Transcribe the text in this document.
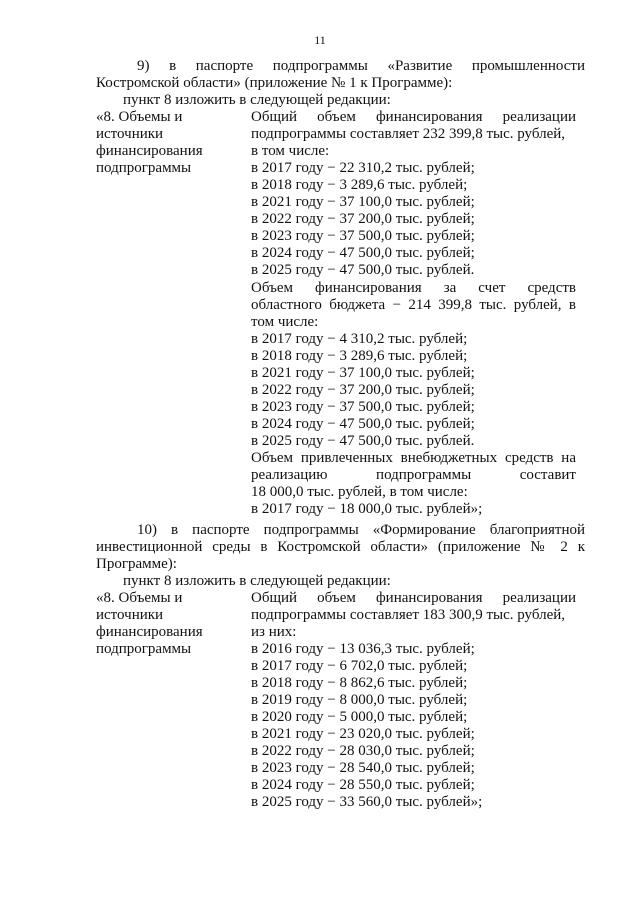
11
9) в паспорте подпрограммы «Развитие промышленности
Костромской области» (приложение № 1 к Программе):
пункт 8 изложить в следующей редакции:
«8. Объемы и
источники
финансирования
подпрограммы
Общий объем финансирования реализации
подпрограммы составляет 232 399,8 тыс. рублей,
в том числе:
в 2017 году − 22 310,2 тыс. рублей;
в 2018 году − 3 289,6 тыс. рублей;
в 2021 году − 37 100,0 тыс. рублей;
в 2022 году − 37 200,0 тыс. рублей;
в 2023 году − 37 500,0 тыс. рублей;
в 2024 году − 47 500,0 тыс. рублей;
в 2025 году − 47 500,0 тыс. рублей.
Объем финансирования за счет средств
областного бюджета − 214 399,8 тыс. рублей, в
том числе:
в 2017 году − 4 310,2 тыс. рублей;
в 2018 году − 3 289,6 тыс. рублей;
в 2021 году − 37 100,0 тыс. рублей;
в 2022 году − 37 200,0 тыс. рублей;
в 2023 году − 37 500,0 тыс. рублей;
в 2024 году − 47 500,0 тыс. рублей;
в 2025 году − 47 500,0 тыс. рублей.
Объем привлеченных внебюджетных средств на
реализацию подпрограммы составит
18 000,0 тыс. рублей, в том числе:
в 2017 году − 18 000,0 тыс. рублей»;
10) в паспорте подпрограммы «Формирование благоприятной
инвестиционной среды в Костромской области» (приложение № 2 к
Программе):
пункт 8 изложить в следующей редакции:
«8. Объемы и
источники
финансирования
подпрограммы
Общий объем финансирования реализации
подпрограммы составляет 183 300,9 тыс. рублей,
из них:
в 2016 году − 13 036,3 тыс. рублей;
в 2017 году − 6 702,0 тыс. рублей;
в 2018 году − 8 862,6 тыс. рублей;
в 2019 году − 8 000,0 тыс. рублей;
в 2020 году − 5 000,0 тыс. рублей;
в 2021 году − 23 020,0 тыс. рублей;
в 2022 году − 28 030,0 тыс. рублей;
в 2023 году − 28 540,0 тыс. рублей;
в 2024 году − 28 550,0 тыс. рублей;
в 2025 году − 33 560,0 тыс. рублей»;
